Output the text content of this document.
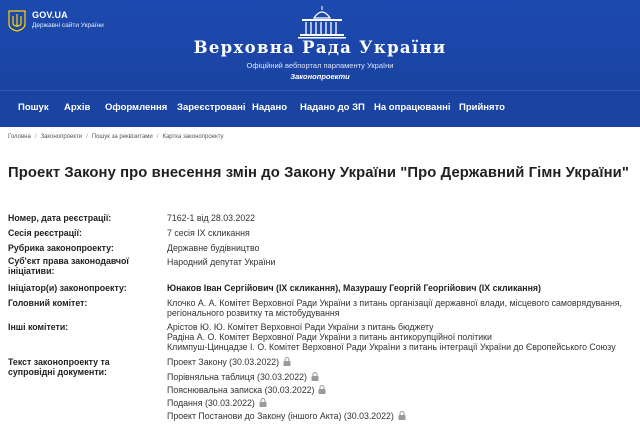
GOV.UA
Державні сайти України
Верховна Рада України
Офіційний вебпортал парламенту України
Законопроекти
Пошук Архів Оформлення Зареєстровані Надано Надано до ЗП На опрацюванні Прийнято
Головна / Законопроекти / Пошук за реквізитами / Картка законопроекту
Проект Закону про внесення змін до Закону України "Про Державний Гімн України"
Номер, дата реєстрації:	7162-1 від 28.03.2022
Сесія реєстрації:	7 сесія IX скликання
Рубрика законопроекту:	Державне будівництво
Суб'єкт права законодавчої ініціативи:
Народний депутат України
Ініціатор(и) законопроекту:	Юнаков Іван Сергійович (IX скликання), Мазурашу Георгій Георгійович (IX скликання)
Головний комітет:	Клочко А. А. Комітет Верховної Ради України з питань організації державної влади, місцевого самоврядування,
регіонального розвитку та містобудування
Інші комітети:	Арістов Ю. Ю. Комітет Верховної Ради України з питань бюджету
Радіна А. О. Комітет Верховної Ради України з питань антикорупційної політики
Климпуш-Цинцадзе І. О. Комітет Верховної Ради України з питань інтеграції України до Європейського Союзу
Текст законопроекту та супровідні документи:
Проект Закону (30.03.2022)
Порівняльна таблиця (30.03.2022)
Пояснювальна записка (30.03.2022)
Подання (30.03.2022)
Проект Постанови до Закону (іншого Акта) (30.03.2022)
